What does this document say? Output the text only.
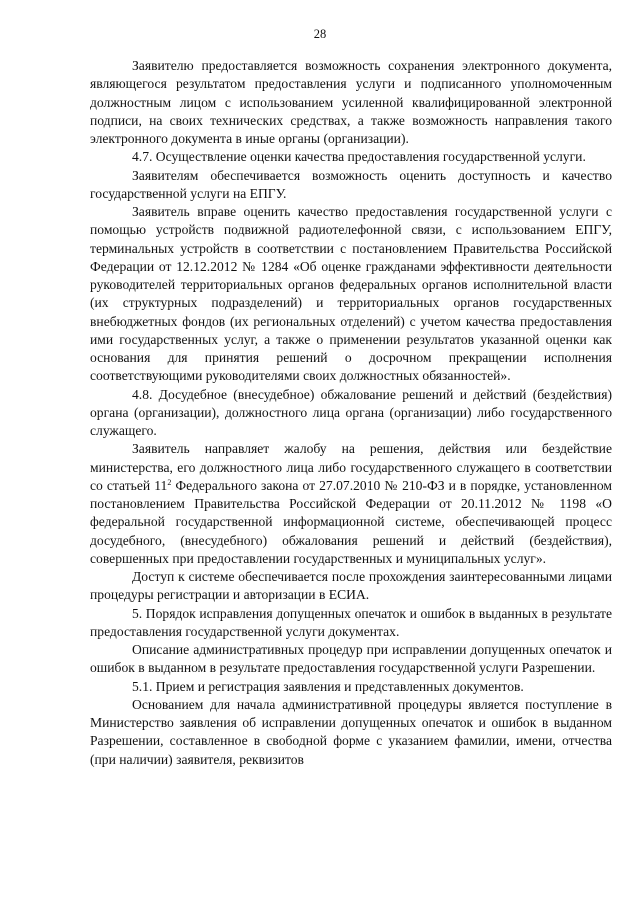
28

Заявителю предоставляется возможность сохранения электронного документа, являющегося результатом предоставления услуги и подписанного уполномоченным должностным лицом с использованием усиленной квалифицированной электронной подписи, на своих технических средствах, а также возможность направления такого электронного документа в иные органы (организации).

4.7. Осуществление оценки качества предоставления государственной услуги.

Заявителям обеспечивается возможность оценить доступность и качество государственной услуги на ЕПГУ.

Заявитель вправе оценить качество предоставления государственной услуги с помощью устройств подвижной радиотелефонной связи, с использованием ЕПГУ, терминальных устройств в соответствии с постановлением Правительства Российской Федерации от 12.12.2012 № 1284 «Об оценке гражданами эффективности деятельности руководителей территориальных органов федеральных органов исполнительной власти (их структурных подразделений) и территориальных органов государственных внебюджетных фондов (их региональных отделений) с учетом качества предоставления ими государственных услуг, а также о применении результатов указанной оценки как основания для принятия решений о досрочном прекращении исполнения соответствующими руководителями своих должностных обязанностей».

4.8. Досудебное (внесудебное) обжалование решений и действий (бездействия) органа (организации), должностного лица органа (организации) либо государственного служащего.

Заявитель направляет жалобу на решения, действия или бездействие министерства, его должностного лица либо государственного служащего в соответствии со статьей $11^2$ Федерального закона от 27.07.2010 № 210-ФЗ и в порядке, установленном постановлением Правительства Российской Федерации от 20.11.2012 № 1198 «О федеральной государственной информационной системе, обеспечивающей процесс досудебного, (внесудебного) обжалования решений и действий (бездействия), совершенных при предоставлении государственных и муниципальных услуг».

Доступ к системе обеспечивается после прохождения заинтересованными лицами процедуры регистрации и авторизации в ЕСИА.

5. Порядок исправления допущенных опечаток и ошибок в выданных в результате предоставления государственной услуги документах.

Описание административных процедур при исправлении допущенных опечаток и ошибок в выданном в результате предоставления государственной услуги Разрешении.

5.1. Прием и регистрация заявления и представленных документов.

Основанием для начала административной процедуры является поступление в Министерство заявления об исправлении допущенных опечаток и ошибок в выданном Разрешении, составленное в свободной форме с указанием фамилии, имени, отчества (при наличии) заявителя, реквизитов
